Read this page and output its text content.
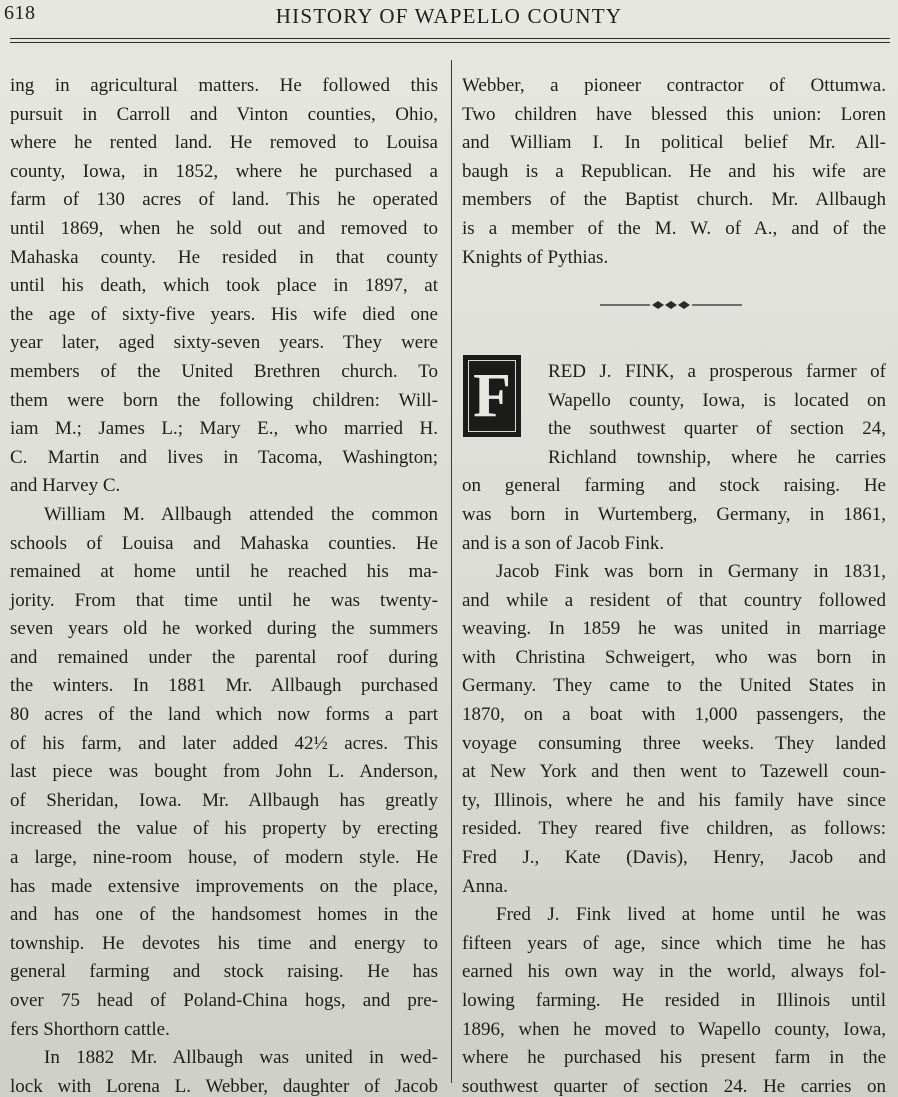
618	HISTORY OF WAPELLO COUNTY
ing in agricultural matters. He followed this
pursuit in Carroll and Vinton counties, Ohio,
where he rented land. He removed to Louisa
county, Iowa, in 1852, where he purchased a
farm of 130 acres of land. This he operated
until 1869, when he sold out and removed to
Mahaska county. He resided in that county
until his death, which took place in 1897, at
the age of sixty-five years. His wife died one
year later, aged sixty-seven years. They were
members of the United Brethren church. To
them were born the following children: Will-
iam M.; James L.; Mary E., who married H.
C. Martin and lives in Tacoma, Washington;
and Harvey C.
William M. Allbaugh attended the common
schools of Louisa and Mahaska counties. He
remained at home until he reached his ma-
jority. From that time until he was twenty-
seven years old he worked during the summers
and remained under the parental roof during
the winters. In 1881 Mr. Allbaugh purchased
80 acres of the land which now forms a part
of his farm, and later added 42½ acres. This
last piece was bought from John L. Anderson,
of Sheridan, Iowa. Mr. Allbaugh has greatly
increased the value of his property by erecting
a large, nine-room house, of modern style. He
has made extensive improvements on the place,
and has one of the handsomest homes in the
township. He devotes his time and energy to
general farming and stock raising. He has
over 75 head of Poland-China hogs, and pre-
fers Shorthorn cattle.
In 1882 Mr. Allbaugh was united in wed-
lock with Lorena L. Webber, daughter of Jacob
Webber, a pioneer contractor of Ottumwa.
Two children have blessed this union: Loren
and William I. In political belief Mr. All-
baugh is a Republican. He and his wife are
members of the Baptist church. Mr. Allbaugh
is a member of the M. W. of A., and of the
Knights of Pythias.
RED J. FINK, a prosperous farmer of
Wapello county, Iowa, is located on
the southwest quarter of section 24,
Richland township, where he carries
on general farming and stock raising. He
was born in Wurtemberg, Germany, in 1861,
and is a son of Jacob Fink.
Jacob Fink was born in Germany in 1831,
and while a resident of that country followed
weaving. In 1859 he was united in marriage
with Christina Schweigert, who was born in
Germany. They came to the United States in
1870, on a boat with 1,000 passengers, the
voyage consuming three weeks. They landed
at New York and then went to Tazewell coun-
ty, Illinois, where he and his family have since
resided. They reared five children, as follows:
Fred J., Kate (Davis), Henry, Jacob and
Anna.
Fred J. Fink lived at home until he was
fifteen years of age, since which time he has
earned his own way in the world, always fol-
lowing farming. He resided in Illinois until
1896, when he moved to Wapello county, Iowa,
where he purchased his present farm in the
southwest quarter of section 24. He carries on
F
